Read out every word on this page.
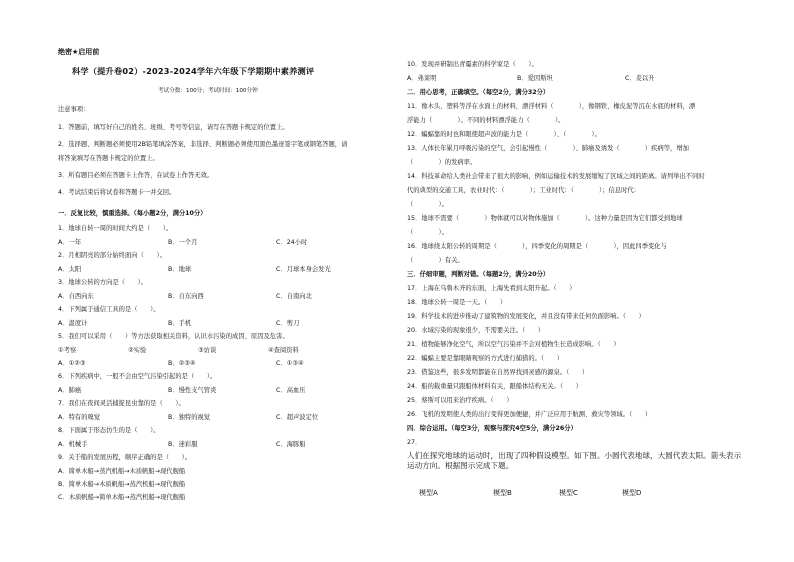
绝密★启用前
科学（提升卷02）-2023-2024学年六年级下学期期中素养测评
考试分数：100分；考试时间：100分钟
注意事项：
1．答题前，填写好自己的姓名、班级、考号等信息，请写在答题卡规定的位置上。
2．选择题、判断题必须使用2B铅笔填涂答案，非选择、判断题必须使用黑色墨迹签字笔或钢笔答题，请
将答案填写在答题卡规定的位置上。
3．所有题目必须在答题卡上作答，在试卷上作答无效。
4．考试结束后将试卷和答题卡一并交回。
一．反复比较，慎重选择。（每小题2分，满分10分）
1．地球自转一周的时间大约是（　　）。
A．一年	B．一个月	C．24小时
2．月相阴亮的部分始终面向（　　）。
A．太阳	B．地球	C．月球本身会发光
3．地球公转的方向是（　　）。
A．自西向东	B．自东向西	C．自南向北
4．下列属于通信工具的是（　　）。
A．温度计	B．手机	C．剪刀
5．我们可以采用（　　）等方法获取相关资料，认识水污染的成因、原因及危害。
①考察	②实验	③访谈	④查阅资料
A．①②③	B．②③④	C．①③④
6．下列疾病中，一般不会由空气污染引起的是（　　）。
A．肺癌	B．慢性支气管炎	C．高血压
7．我们在夜间灵活捕捉昆虫靠的是（　　）。
A．特有的嗅觉	B．独特的视觉	C．超声波定位
8．下面属于形态仿生的是（　　）。
A．机械手	B．迷彩服	C．海豚船
9．关于船的发展历程，顺序正确的是（　　）。
A．简单木船→蒸汽机船→木质帆船→现代舰船
B．简单木船→木质帆船→蒸汽机船→现代舰船
C．木质帆船→简单木船→蒸汽机船→现代舰船
10．发现并研制出青霉素的科学家是（　　）。
A．弗莱明	B．爱因斯坦	C．麦以升
二．用心思考，正确填空。（每空2分，满分32分）
11．像木头、塑料等浮在水面上的材料，漂浮材料（　　　　），像钢铁、橡皮泥等沉在水底的材料，漂
浮能力（　　　　）。不同的材料漂浮能力（　　　　）。
12．蝙蝠靠的时也和眼使超声波的能力是（　　　　）、（　　　　）。
13．人体长年累月呼吸污染的空气，会引起慢性（　　　　）、肺癌及诱发（　　　　）疾病等，增加
（　　　　）的发病率。
14．科技革命给人类社会带来了很大的影响，例如运输技术的发展缩短了区域之间的距离。请列举出不同时
代的典型的交通工具，农业时代：（　　　　）；工业时代：（　　　　）；信息时代：
（　　　　）。
15．地球不需要（　　　　）物体就可以对物体施加（　　　　）。这种力量是因为它们都受到地球
（　　　　）。
16．地球绕太阳公转的周期是（　　　　），四季变化的周期是（　　　　），因此四季变化与
（　　　　）有关。
三．仔细审题，判断对错。（每题2分，满分20分）
17．上海在乌鲁木齐的东面，上海先看到太阳升起。（　　）
18．地球公转一周是一天。（　　）
19．科学技术的进步推动了建筑物的发展变化，并且没有带来任何负面影响。（　　）
20．水域污染的现象很少，不需要关注。（　　）
21．植物能够净化空气，所以空气污染并不会对植物生长造成影响。（　　）
22．蝙蝠主要是靠眼睛观察的方式进行捕猎的。（　　）
23．借鉴这些，很多发明都能在自然界找到灵感的源泉。（　　）
24．船的载重量只跟船体材料有关，跟船体结构无关。（　　）
25．蔡斯可以用来治疗疾病。（　　）
26．飞机的发明使人类的出行变得更加便捷，并广泛应用于航测、救灾等领域。（　　）
四．综合运用。（每空3分，观察与探究4空5分，满分26分）
27．
人们在探究地球的运动时，出现了四种假设模型。如下图。小圆代表地球，大圆代表太阳。箭头表示运动方向。根据图示完成下题。
模型A	模型B	模型C	模型D
